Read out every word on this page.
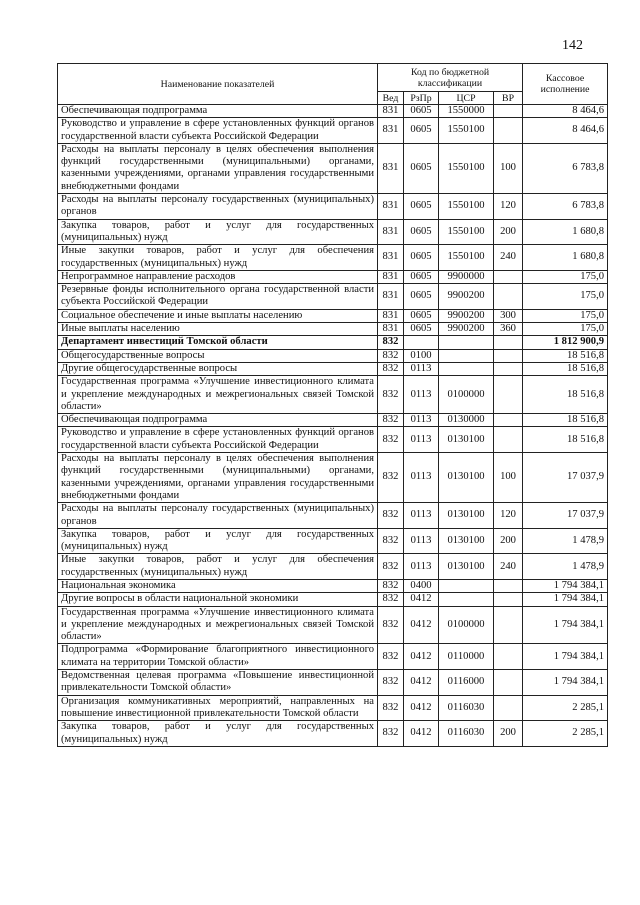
142
Наименование показателей	Код по бюджетной классификации				Кассовое исполнение
	Вед	РзПр	ЦСР	ВР	
Обеспечивающая подпрограмма	831	0605	1550000		8 464,6
Руководство и управление в сфере установленных функций органов государственной власти субъекта Российской Федерации	831	0605	1550100		8 464,6
Расходы на выплаты персоналу в целях обеспечения выполнения функций государственными (муниципальными) органами, казенными учреждениями, органами управления государственными внебюджетными фондами	831	0605	1550100	100	6 783,8
Расходы на выплаты персоналу государственных (муниципальных) органов	831	0605	1550100	120	6 783,8
Закупка товаров, работ и услуг для государственных (муниципальных) нужд	831	0605	1550100	200	1 680,8
Иные закупки товаров, работ и услуг для обеспечения государственных (муниципальных) нужд	831	0605	1550100	240	1 680,8
Непрограммное направление расходов	831	0605	9900000		175,0
Резервные фонды исполнительного органа государственной власти субъекта Российской Федерации	831	0605	9900200		175,0
Социальное обеспечение и иные выплаты населению	831	0605	9900200	300	175,0
Иные выплаты населению	831	0605	9900200	360	175,0
Департамент инвестиций Томской области	832				1 812 900,9
Общегосударственные вопросы	832	0100			18 516,8
Другие общегосударственные вопросы	832	0113			18 516,8
Государственная программа «Улучшение инвестиционного климата и укрепление международных и межрегиональных связей Томской области»	832	0113	0100000		18 516,8
Обеспечивающая подпрограмма	832	0113	0130000		18 516,8
Руководство и управление в сфере установленных функций органов государственной власти субъекта Российской Федерации	832	0113	0130100		18 516,8
Расходы на выплаты персоналу в целях обеспечения выполнения функций государственными (муниципальными) органами, казенными учреждениями, органами управления государственными внебюджетными фондами	832	0113	0130100	100	17 037,9
Расходы на выплаты персоналу государственных (муниципальных) органов	832	0113	0130100	120	17 037,9
Закупка товаров, работ и услуг для государственных (муниципальных) нужд	832	0113	0130100	200	1 478,9
Иные закупки товаров, работ и услуг для обеспечения государственных (муниципальных) нужд	832	0113	0130100	240	1 478,9
Национальная экономика	832	0400			1 794 384,1
Другие вопросы в области национальной экономики	832	0412			1 794 384,1
Государственная программа «Улучшение инвестиционного климата и укрепление международных и межрегиональных связей Томской области»	832	0412	0100000		1 794 384,1
Подпрограмма «Формирование благоприятного инвестиционного климата на территории Томской области»	832	0412	0110000		1 794 384,1
Ведомственная целевая программа «Повышение инвестиционной привлекательности Томской области»	832	0412	0116000		1 794 384,1
Организация коммуникативных мероприятий, направленных на повышение инвестиционной привлекательности Томской области	832	0412	0116030		2 285,1
Закупка товаров, работ и услуг для государственных (муниципальных) нужд	832	0412	0116030	200	2 285,1
